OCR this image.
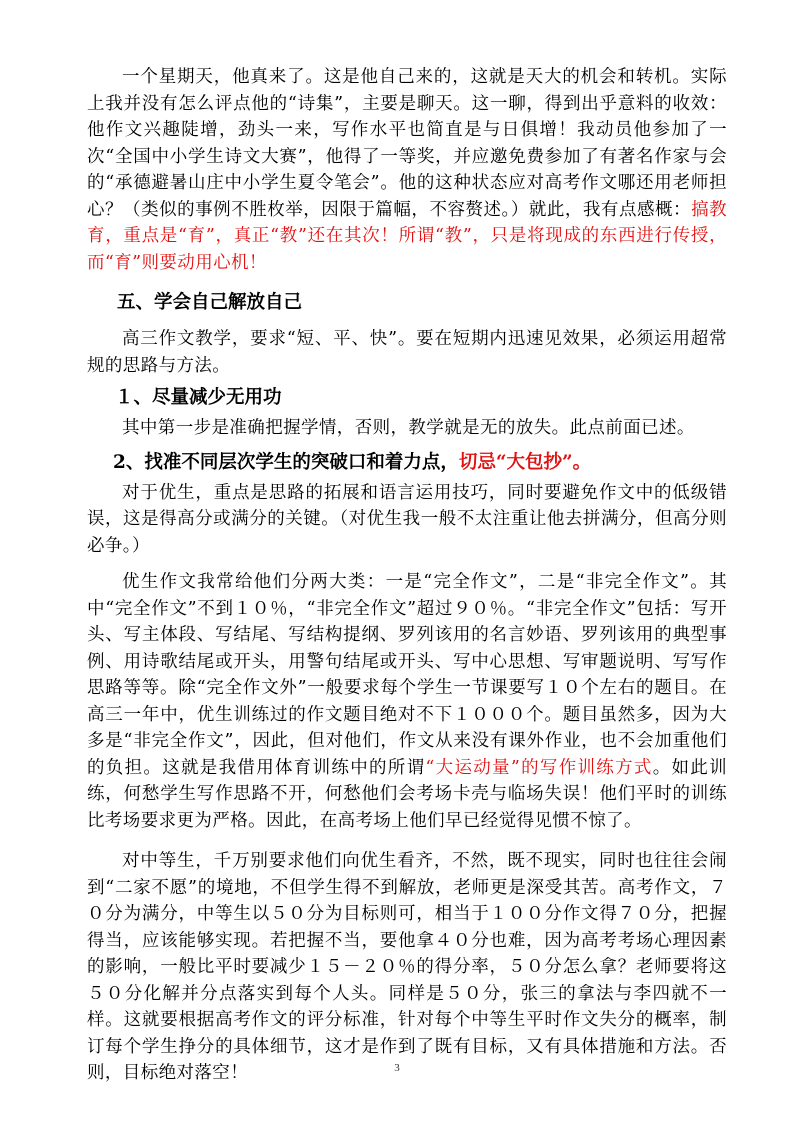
一个星期天，他真来了。这是他自己来的，这就是天大的机会和转机。实际上我并没有怎么评点他的“诗集”，主要是聊天。这一聊，得到出乎意料的收效：他作文兴趣陡增，劲头一来，写作水平也简直是与日俱增！我动员他参加了一次“全国中小学生诗文大赛”，他得了一等奖，并应邀免费参加了有著名作家与会的“承德避暑山庄中小学生夏令笔会”。他的这种状态应对高考作文哪还用老师担心？（类似的事例不胜枚举，因限于篇幅，不容赘述。）就此，我有点感概：搞教育，重点是“育”，真正“教”还在其次！所谓“教”，只是将现成的东西进行传授，而“育”则要动用心机！

五、学会自己解放自己

高三作文教学，要求“短、平、快”。要在短期内迅速见效果，必须运用超常规的思路与方法。

１、尽量减少无用功

其中第一步是准确把握学情，否则，教学就是无的放失。此点前面已述。

2、找准不同层次学生的突破口和着力点，切忌“大包抄”。

对于优生，重点是思路的拓展和语言运用技巧，同时要避免作文中的低级错误，这是得高分或满分的关键。（对优生我一般不太注重让他去拼满分，但高分则必争。）

优生作文我常给他们分两大类：一是“完全作文”，二是“非完全作文”。其中“完全作文”不到１０％，“非完全作文”超过９０％。“非完全作文”包括：写开头、写主体段、写结尾、写结构提纲、罗列该用的名言妙语、罗列该用的典型事例、用诗歌结尾或开头，用警句结尾或开头、写中心思想、写审题说明、写写作思路等等。除“完全作文外”一般要求每个学生一节课要写１０个左右的题目。在高三一年中，优生训练过的作文题目绝对不下１０００个。题目虽然多，因为大多是“非完全作文”，因此，但对他们，作文从来没有课外作业，也不会加重他们的负担。这就是我借用体育训练中的所谓“大运动量”的写作训练方式。如此训练，何愁学生写作思路不开，何愁他们会考场卡壳与临场失误！他们平时的训练比考场要求更为严格。因此，在高考场上他们早已经觉得见惯不惊了。

对中等生，千万别要求他们向优生看齐，不然，既不现实，同时也往往会闹到“二家不愿”的境地，不但学生得不到解放，老师更是深受其苦。高考作文，７０分为满分，中等生以５０分为目标则可，相当于１００分作文得７０分，把握得当，应该能够实现。若把握不当，要他拿４０分也难，因为高考考场心理因素的影响，一般比平时要减少１５－２０％的得分率，５０分怎么拿？老师要将这５０分化解并分点落实到每个人头。同样是５０分，张三的拿法与李四就不一样。这就要根据高考作文的评分标准，针对每个中等生平时作文失分的概率，制订每个学生挣分的具体细节，这才是作到了既有目标，又有具体措施和方法。否则，目标绝对落空！	3
